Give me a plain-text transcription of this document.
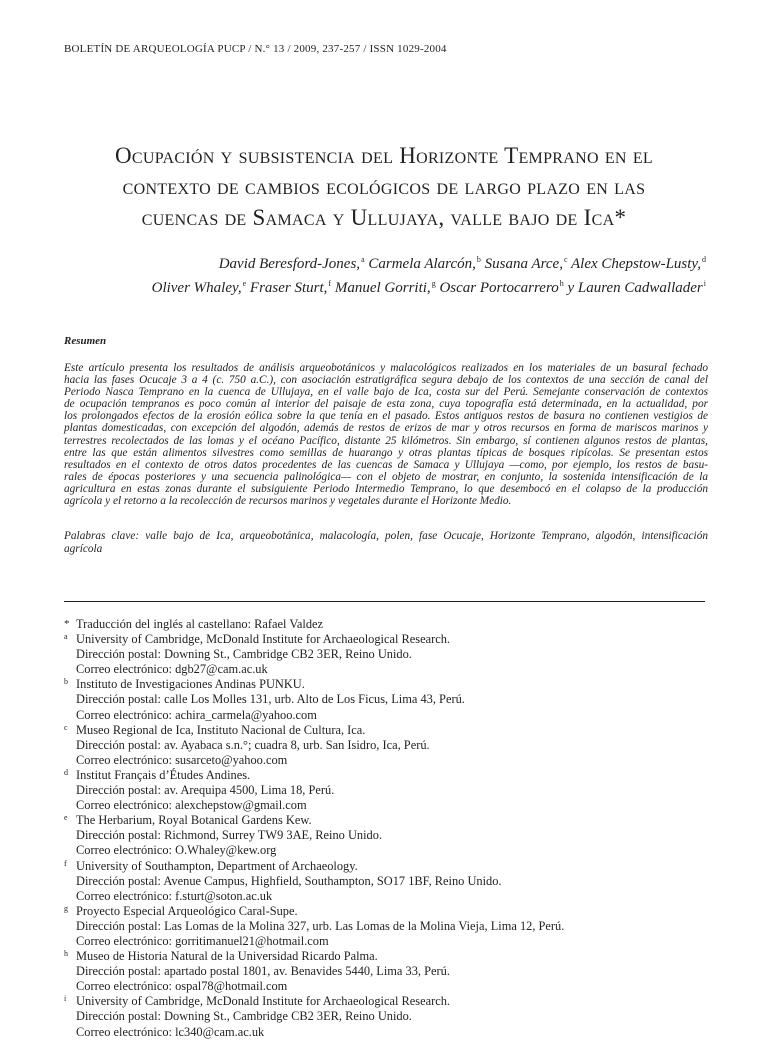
BOLETÍN DE ARQUEOLOGÍA PUCP / N.° 13 / 2009, 237-257 / ISSN 1029-2004
Ocupación y subsistencia del Horizonte Temprano en el
contexto de cambios ecológicos de largo plazo en las
cuencas de Samaca y Ullujaya, valle bajo de Ica*
David Beresford-Jones,$^a$ Carmela Alarcón,$^b$ Susana Arce,$^c$ Alex Chepstow-Lusty,$^d$
Oliver Whaley,$^e$ Fraser Sturt,$^f$ Manuel Gorriti,$^g$ Oscar Portocarrero$^h$ y Lauren Cadwallader$^i$
Resumen
Este artículo presenta los resultados de análisis arqueobotánicos y malacológicos realizados en los materiales de un basural fechado
hacia las fases Ocucaje 3 a 4 (c. 750 a.C.), con asociación estratigráfica segura debajo de los contextos de una sección de canal del
Periodo Nasca Temprano en la cuenca de Ullujaya, en el valle bajo de Ica, costa sur del Perú. Semejante conservación de contextos
de ocupación tempranos es poco común al interior del paisaje de esta zona, cuya topografía está determinada, en la actualidad, por
los prolongados efectos de la erosión eólica sobre la que tenía en el pasado. Estos antiguos restos de basura no contienen vestigios de
plantas domesticadas, con excepción del algodón, además de restos de erizos de mar y otros recursos en forma de mariscos marinos y
terrestres recolectados de las lomas y el océano Pacífico, distante 25 kilómetros. Sin embargo, sí contienen algunos restos de plantas,
entre las que están alimentos silvestres como semillas de huarango y otras plantas típicas de bosques ripícolas. Se presentan estos
resultados en el contexto de otros datos procedentes de las cuencas de Samaca y Ullujaya —como, por ejemplo, los restos de basu-
rales de épocas posteriores y una secuencia palinológica— con el objeto de mostrar, en conjunto, la sostenida intensificación de la
agricultura en estas zonas durante el subsiguiente Periodo Intermedio Temprano, lo que desembocó en el colapso de la producción
agrícola y el retorno a la recolección de recursos marinos y vegetales durante el Horizonte Medio.
Palabras clave: valle bajo de Ica, arqueobotánica, malacología, polen, fase Ocucaje, Horizonte Temprano, algodón, intensificación
agrícola
* Traducción del inglés al castellano: Rafael Valdez
a University of Cambridge, McDonald Institute for Archaeological Research.
Dirección postal: Downing St., Cambridge CB2 3ER, Reino Unido.
Correo electrónico: dgb27@cam.ac.uk
b Instituto de Investigaciones Andinas PUNKU.
Dirección postal: calle Los Molles 131, urb. Alto de Los Ficus, Lima 43, Perú.
Correo electrónico: achira_carmela@yahoo.com
c Museo Regional de Ica, Instituto Nacional de Cultura, Ica.
Dirección postal: av. Ayabaca s.n.°; cuadra 8, urb. San Isidro, Ica, Perú.
Correo electrónico: susarceto@yahoo.com
d Institut Français d’Études Andines.
Dirección postal: av. Arequipa 4500, Lima 18, Perú.
Correo electrónico: alexchepstow@gmail.com
e The Herbarium, Royal Botanical Gardens Kew.
Dirección postal: Richmond, Surrey TW9 3AE, Reino Unido.
Correo electrónico: O.Whaley@kew.org
f University of Southampton, Department of Archaeology.
Dirección postal: Avenue Campus, Highfield, Southampton, SO17 1BF, Reino Unido.
Correo electrónico: f.sturt@soton.ac.uk
g Proyecto Especial Arqueológico Caral-Supe.
Dirección postal: Las Lomas de la Molina 327, urb. Las Lomas de la Molina Vieja, Lima 12, Perú.
Correo electrónico: gorritimanuel21@hotmail.com
h Museo de Historia Natural de la Universidad Ricardo Palma.
Dirección postal: apartado postal 1801, av. Benavides 5440, Lima 33, Perú.
Correo electrónico: ospal78@hotmail.com
i University of Cambridge, McDonald Institute for Archaeological Research.
Dirección postal: Downing St., Cambridge CB2 3ER, Reino Unido.
Correo electrónico: lc340@cam.ac.uk
